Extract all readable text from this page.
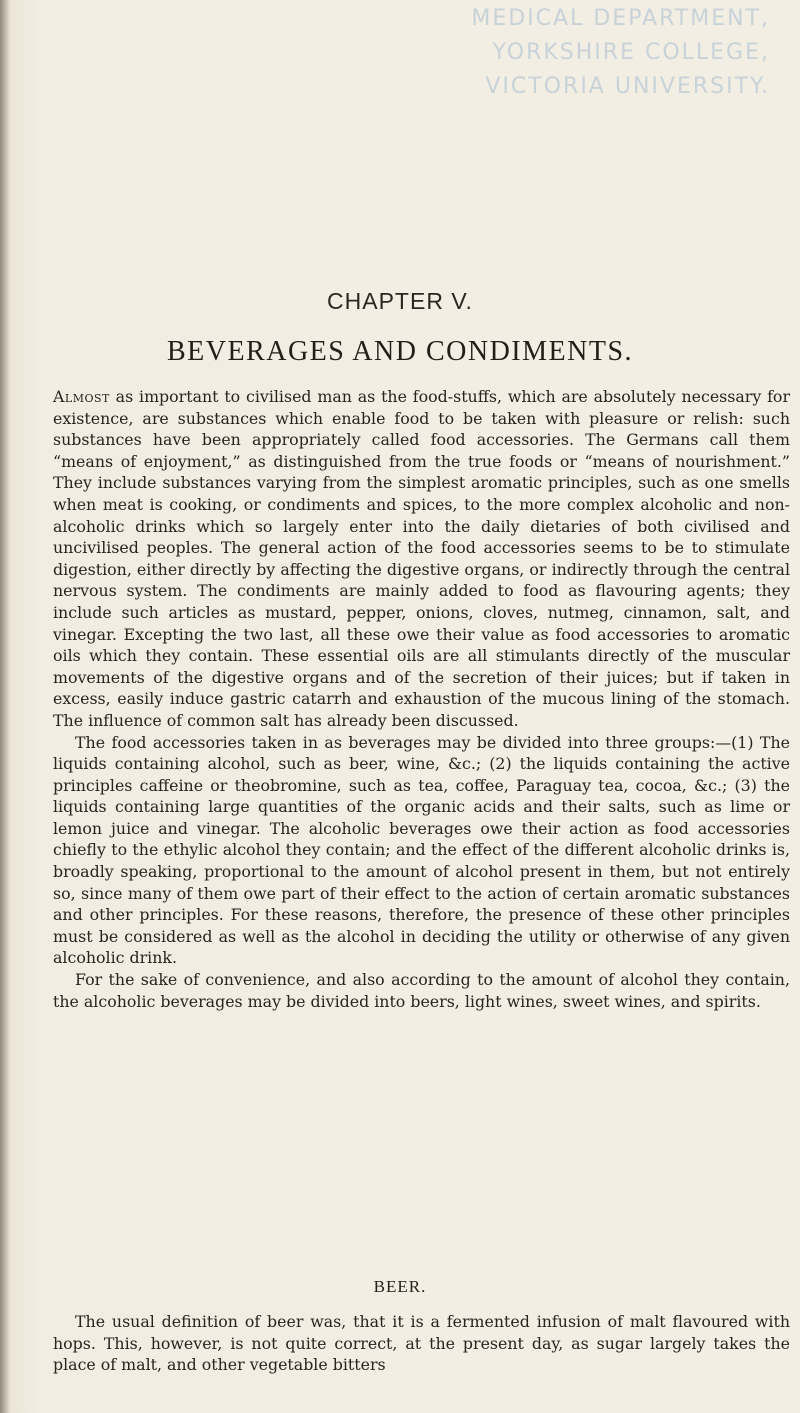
MEDICAL DEPARTMENT,
YORKSHIRE COLLEGE,
VICTORIA UNIVERSITY.
CHAPTER V.
BEVERAGES AND CONDIMENTS.

Almost as important to civilised man as the food-stuffs, which are absolutely necessary for existence, are substances which enable food to be taken with pleasure or relish: such substances have been appropriately called food accessories. The Germans call them “means of enjoyment,” as distinguished from the true foods or “means of nourishment.” They include substances varying from the simplest aromatic principles, such as one smells when meat is cooking, or condiments and spices, to the more complex alcoholic and non-alcoholic drinks which so largely enter into the daily dietaries of both civilised and uncivilised peoples. The general action of the food accessories seems to be to stimulate digestion, either directly by affecting the digestive organs, or indirectly through the central nervous system. The condiments are mainly added to food as flavouring agents; they include such articles as mustard, pepper, onions, cloves, nutmeg, cinnamon, salt, and vinegar. Excepting the two last, all these owe their value as food accessories to aromatic oils which they contain. These essential oils are all stimulants directly of the muscular movements of the digestive organs and of the secretion of their juices; but if taken in excess, easily induce gastric catarrh and exhaustion of the mucous lining of the stomach. The influence of common salt has already been discussed.

The food accessories taken in as beverages may be divided into three groups:—(1) The liquids containing alcohol, such as beer, wine, &c.; (2) the liquids containing the active principles caffeine or theobromine, such as tea, coffee, Paraguay tea, cocoa, &c.; (3) the liquids containing large quantities of the organic acids and their salts, such as lime or lemon juice and vinegar. The alcoholic beverages owe their action as food accessories chiefly to the ethylic alcohol they contain; and the effect of the different alcoholic drinks is, broadly speaking, proportional to the amount of alcohol present in them, but not entirely so, since many of them owe part of their effect to the action of certain aromatic substances and other principles. For these reasons, therefore, the presence of these other principles must be considered as well as the alcohol in deciding the utility or otherwise of any given alcoholic drink.

For the sake of convenience, and also according to the amount of alcohol they contain, the alcoholic beverages may be divided into beers, light wines, sweet wines, and spirits.

BEER.

The usual definition of beer was, that it is a fermented infusion of malt flavoured with hops. This, however, is not quite correct, at the present day, as sugar largely takes the place of malt, and other vegetable bitters
